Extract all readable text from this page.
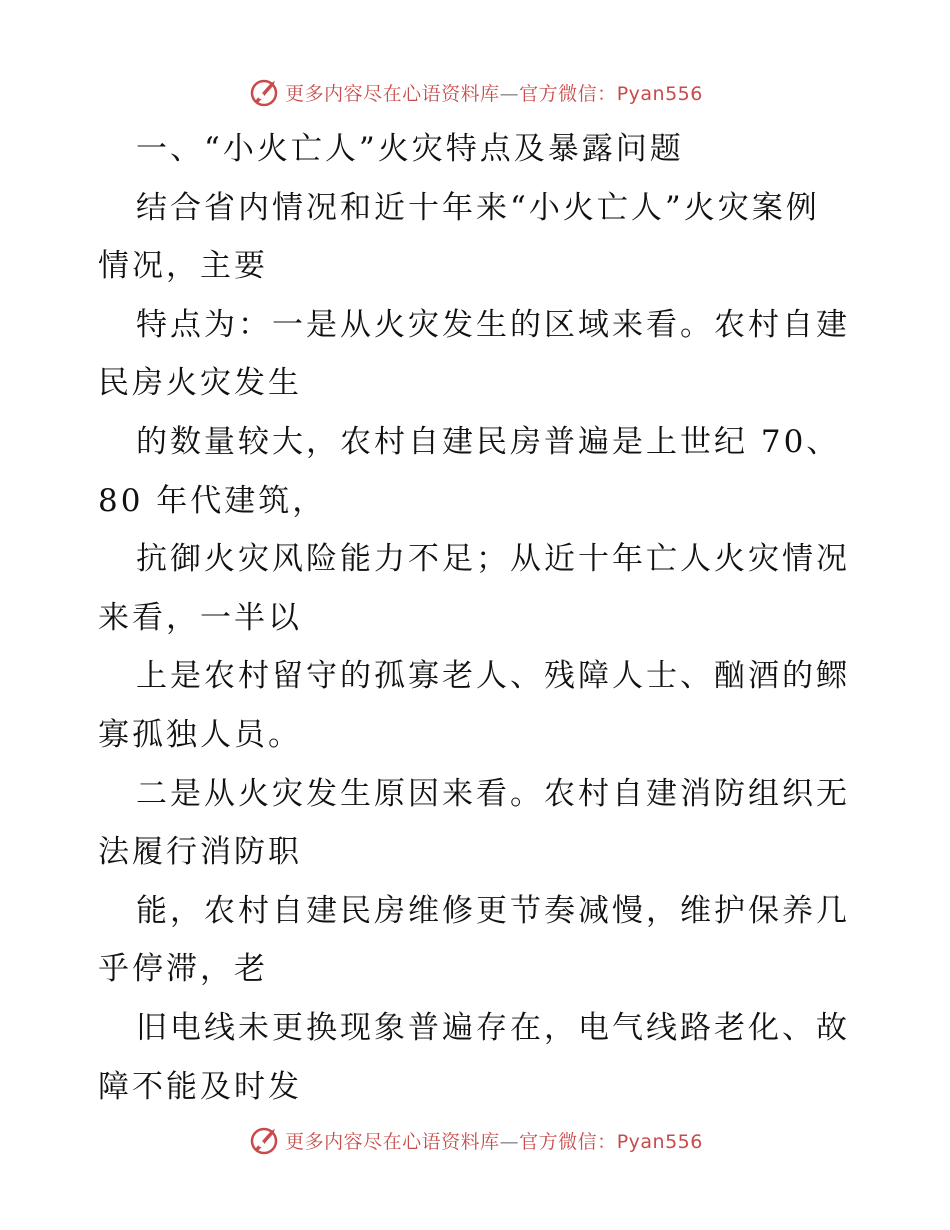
更多内容尽在心语资料库—官方微信：Pyan556
一、“小火亡人”火灾特点及暴露问题
结合省内情况和近十年来“小火亡人”火灾案例
情况，主要
特点为：一是从火灾发生的区域来看。农村自建
民房火灾发生
的数量较大，农村自建民房普遍是上世纪 70、
80 年代建筑，
抗御火灾风险能力不足；从近十年亡人火灾情况
来看，一半以
上是农村留守的孤寡老人、残障人士、酗酒的鳏
寡孤独人员。
二是从火灾发生原因来看。农村自建消防组织无
法履行消防职
能，农村自建民房维修更节奏减慢，维护保养几
乎停滞，老
旧电线未更换现象普遍存在，电气线路老化、故
障不能及时发
更多内容尽在心语资料库—官方微信：Pyan556
